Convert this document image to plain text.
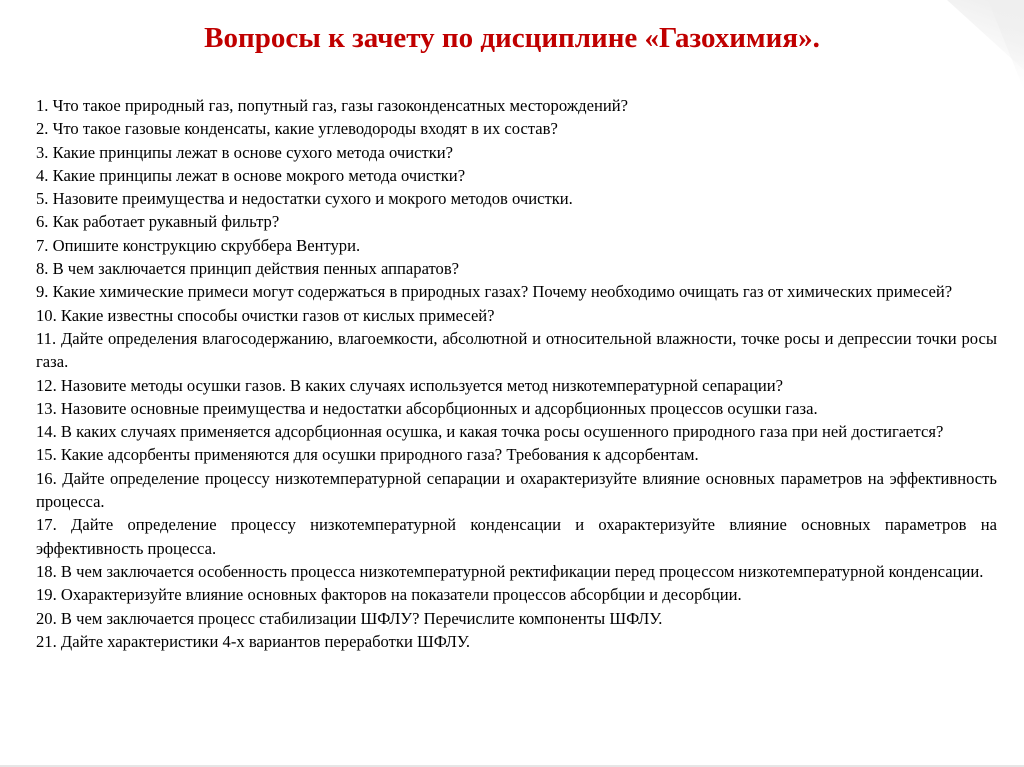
Вопросы к зачету по дисциплине «Газохимия».
1. Что такое природный газ, попутный газ, газы газоконденсатных месторождений?
2. Что такое газовые конденсаты, какие углеводороды входят в их состав?
3. Какие принципы лежат в основе сухого метода очистки?
4. Какие принципы лежат в основе мокрого метода очистки?
5. Назовите преимущества и недостатки сухого и мокрого методов очистки.
6. Как работает рукавный фильтр?
7. Опишите конструкцию скруббера Вентури.
8. В чем заключается принцип действия пенных аппаратов?
9. Какие химические примеси могут содержаться в природных газах? Почему необходимо очищать газ от химических примесей?
10. Какие известны способы очистки газов от кислых примесей?
11. Дайте определения влагосодержанию, влагоемкости, абсолютной и относительной влажности, точке росы и депрессии точки росы газа.
12. Назовите методы осушки газов. В каких случаях используется метод низкотемпературной сепарации?
13. Назовите основные преимущества и недостатки абсорбционных и адсорбционных процессов осушки газа.
14. В каких случаях применяется адсорбционная осушка, и какая точка росы осушенного природного газа при ней достигается?
15. Какие адсорбенты применяются для осушки природного газа? Требования к адсорбентам.
16. Дайте определение процессу низкотемпературной сепарации и охарактеризуйте влияние основных параметров на эффективность процесса.
17. Дайте определение процессу низкотемпературной конденсации и охарактеризуйте влияние основных параметров на эффективность процесса.
18. В чем заключается особенность процесса низкотемпературной ректификации перед процессом низкотемпературной конденсации.
19. Охарактеризуйте влияние основных факторов на показатели процессов абсорбции и десорбции.
20. В чем заключается процесс стабилизации ШФЛУ? Перечислите компоненты ШФЛУ.
21. Дайте характеристики 4-х вариантов переработки ШФЛУ.
